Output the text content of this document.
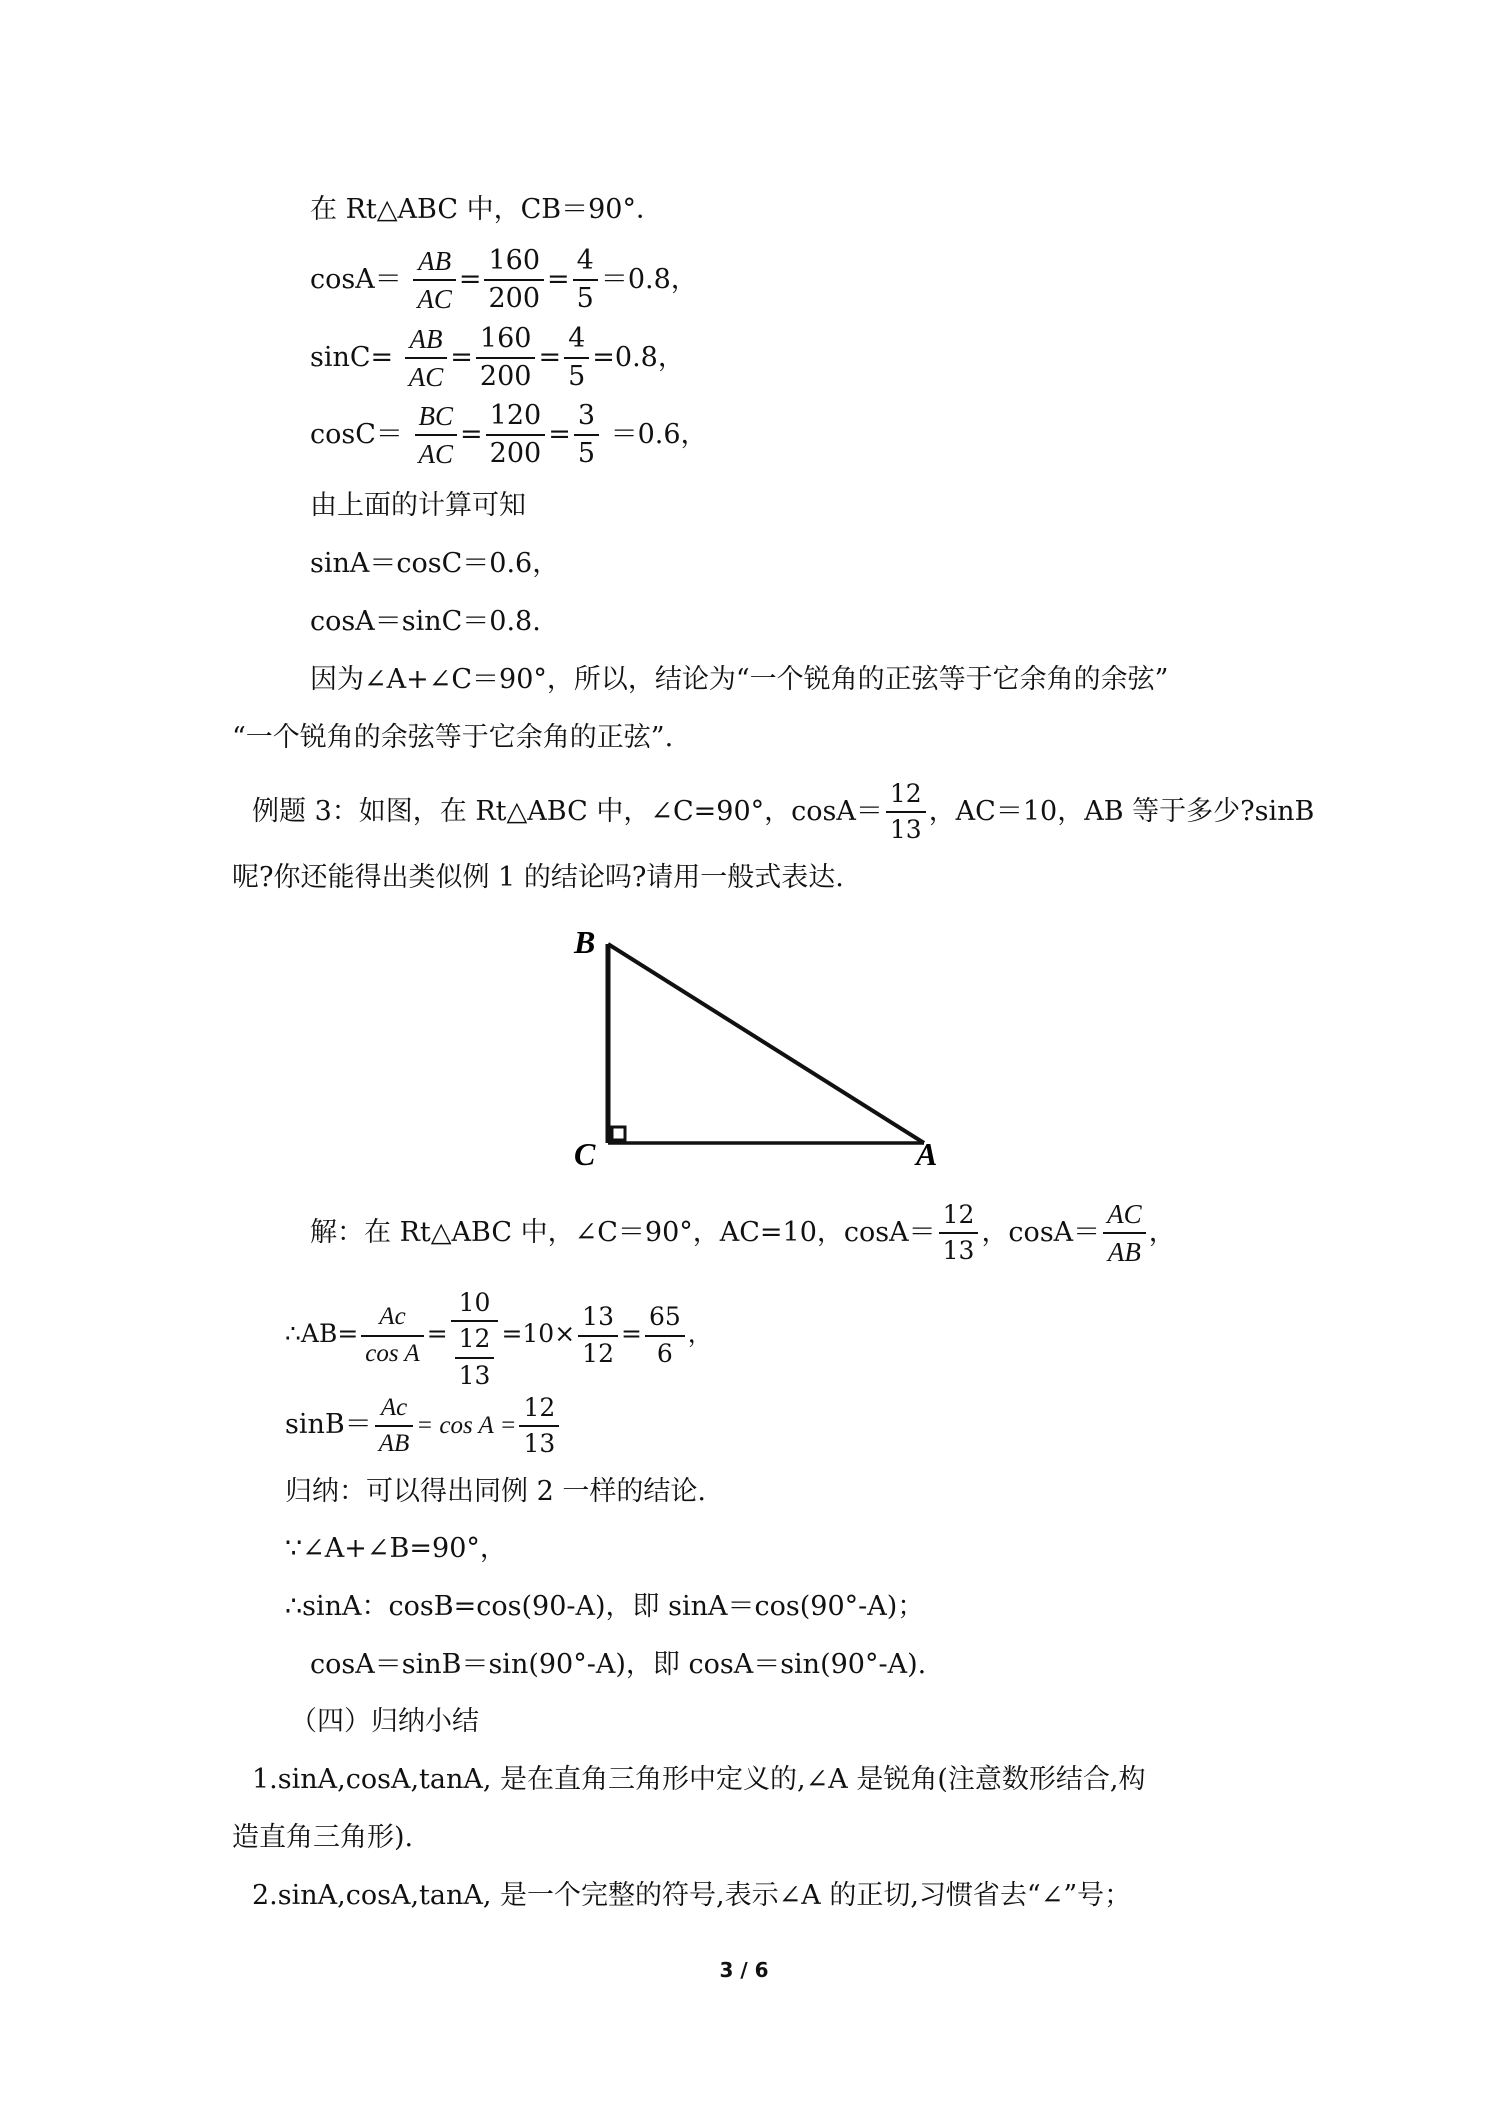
在 Rt△ABC 中，CB＝90°．
$\cos A= \frac{AB}{AC} = \frac{160}{200} = \frac{4}{5} =0.8$，
$\sin C= \frac{AB}{AC} = \frac{160}{200} = \frac{4}{5} =0.8$，
$\cos C= \frac{BC}{AC} = \frac{120}{200} = \frac{3}{5} =0.6$，
由上面的计算可知
sinA＝cosC＝0.6，
cosA＝sinC＝0.8.
因为∠A+∠C＝90°，所以，结论为“一个锐角的正弦等于它余角的余弦”
“一个锐角的余弦等于它余角的正弦”.
例题 3：如图，在 Rt△ABC 中，∠C=90°，$\cos A= \frac{12}{13}$ ，AC＝10，AB 等于多少?sinB
呢?你还能得出类似例 1 的结论吗?请用一般式表达.
B
C	A
解：在 Rt△ABC 中，∠C＝90°，AC=10，$\cos A= \frac{12}{13}$ ，$\cos A= \frac{AC}{AB}$ ，
∴AB= $\frac{Ac}{\text{cos A}} = \frac{10}{\frac{12}{13}} =10\times \frac{13}{12} = \frac{65}{6}$ ，
$\sin B= \frac{Ac}{AB} = \cos A = \frac{12}{13}$
归纳：可以得出同例 2 一样的结论.
∵∠A+∠B=90°，
∴sinA：cosB=cos(90-A)，即 sinA＝cos(90°-A)；
cosA＝sinB＝sin(90°-A)，即 cosA＝sin(90°-A).
（四）归纳小结
1.sinA,cosA,tanA, 是在直角三角形中定义的,∠A 是锐角(注意数形结合,构
造直角三角形).
2.sinA,cosA,tanA, 是一个完整的符号,表示∠A 的正切,习惯省去“∠”号；
3 / 6
